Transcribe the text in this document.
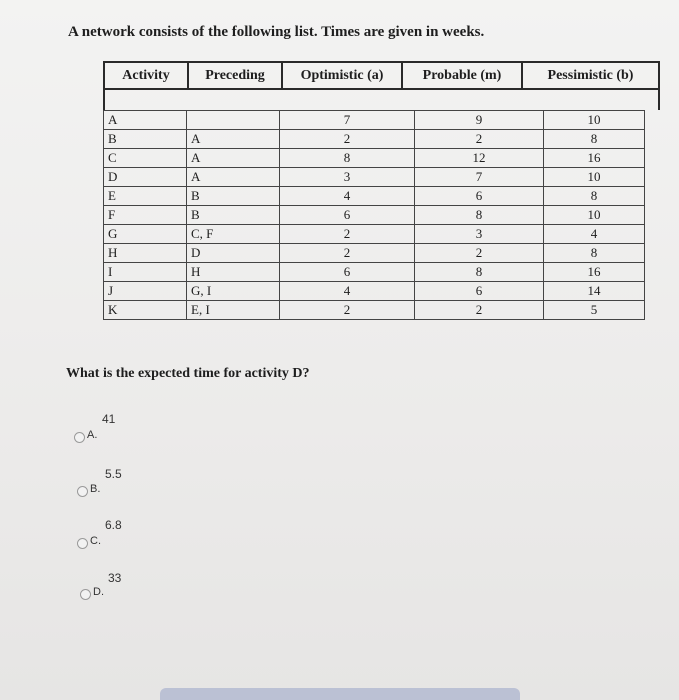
A network consists of the following list. Times are given in weeks.
Activity	Preceding	Optimistic (a)	Probable (m)	Pessimistic (b)
A		7	9	10
B	A	2	2	8
C	A	8	12	16
D	A	3	7	10
E	B	4	6	8
F	B	6	8	10
G	C, F	2	3	4
H	D	2	2	8
I	H	6	8	16
J	G, I	4	6	14
K	E, I	2	2	5
What is the expected time for activity D?
41
A.
5.5
B.
6.8
C.
33
D.
